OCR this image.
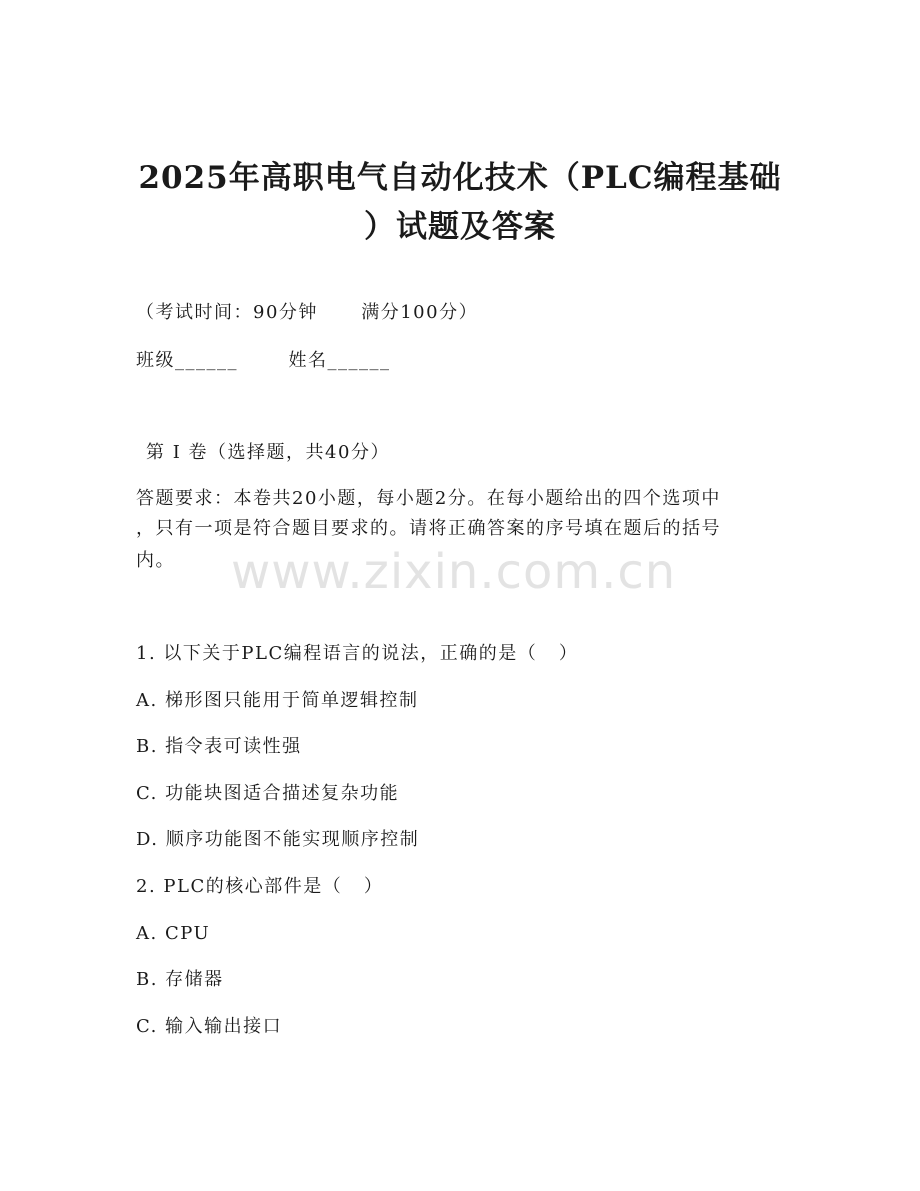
2025年高职电气自动化技术（PLC编程基础
）试题及答案
（考试时间：90分钟      满分100分）
班级______       姓名______
第 I 卷（选择题，共40分）
答题要求：本卷共20小题，每小题2分。在每小题给出的四个选项中
，只有一项是符合题目要求的。请将正确答案的序号填在题后的括号
内。 www.zixin.com.cn
1. 以下关于PLC编程语言的说法，正确的是（   ）
A. 梯形图只能用于简单逻辑控制
B. 指令表可读性强
C. 功能块图适合描述复杂功能
D. 顺序功能图不能实现顺序控制
2. PLC的核心部件是（   ）
A. CPU
B. 存储器
C. 输入输出接口
